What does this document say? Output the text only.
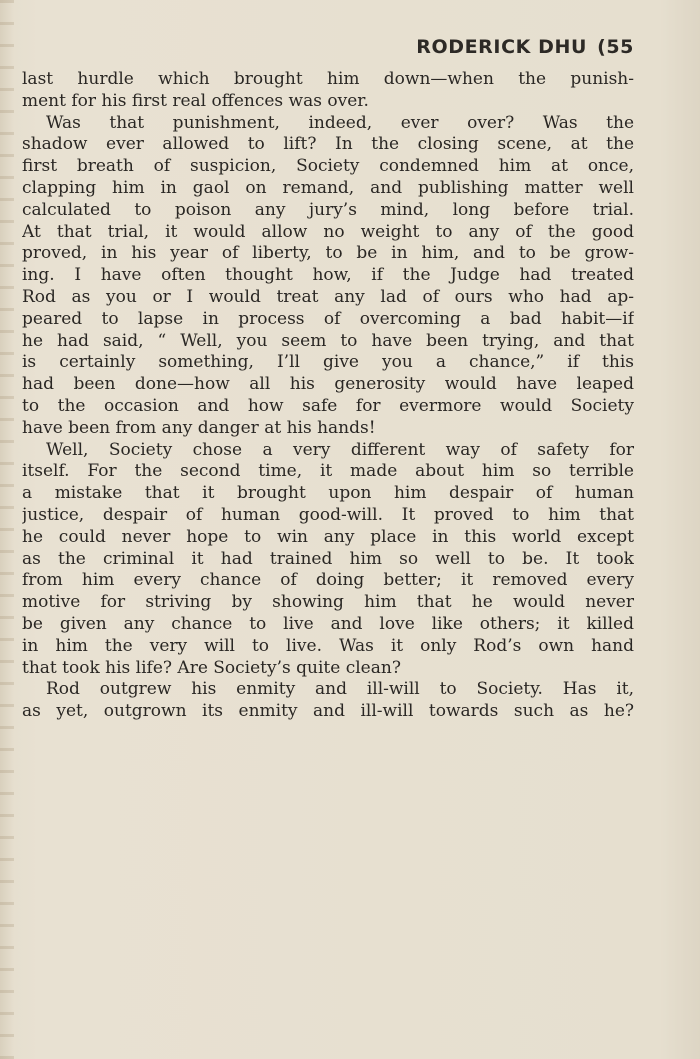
RODERICK DHU (55
last hurdle which brought him down—when the punish-
ment for his first real offences was over.
Was that punishment, indeed, ever over? Was the
shadow ever allowed to lift? In the closing scene, at the
first breath of suspicion, Society condemned him at once,
clapping him in gaol on remand, and publishing matter well
calculated to poison any jury’s mind, long before trial.
At that trial, it would allow no weight to any of the good
proved, in his year of liberty, to be in him, and to be grow-
ing. I have often thought how, if the Judge had treated
Rod as you or I would treat any lad of ours who had ap-
peared to lapse in process of overcoming a bad habit—if
he had said, “ Well, you seem to have been trying, and that
is certainly something, I’ll give you a chance,” if this
had been done—how all his generosity would have leaped
to the occasion and how safe for evermore would Society
have been from any danger at his hands!
Well, Society chose a very different way of safety for
itself. For the second time, it made about him so terrible
a mistake that it brought upon him despair of human
justice, despair of human good-will. It proved to him that
he could never hope to win any place in this world except
as the criminal it had trained him so well to be. It took
from him every chance of doing better; it removed every
motive for striving by showing him that he would never
be given any chance to live and love like others; it killed
in him the very will to live. Was it only Rod’s own hand
that took his life? Are Society’s quite clean?
Rod outgrew his enmity and ill-will to Society. Has it,
as yet, outgrown its enmity and ill-will towards such as he?
